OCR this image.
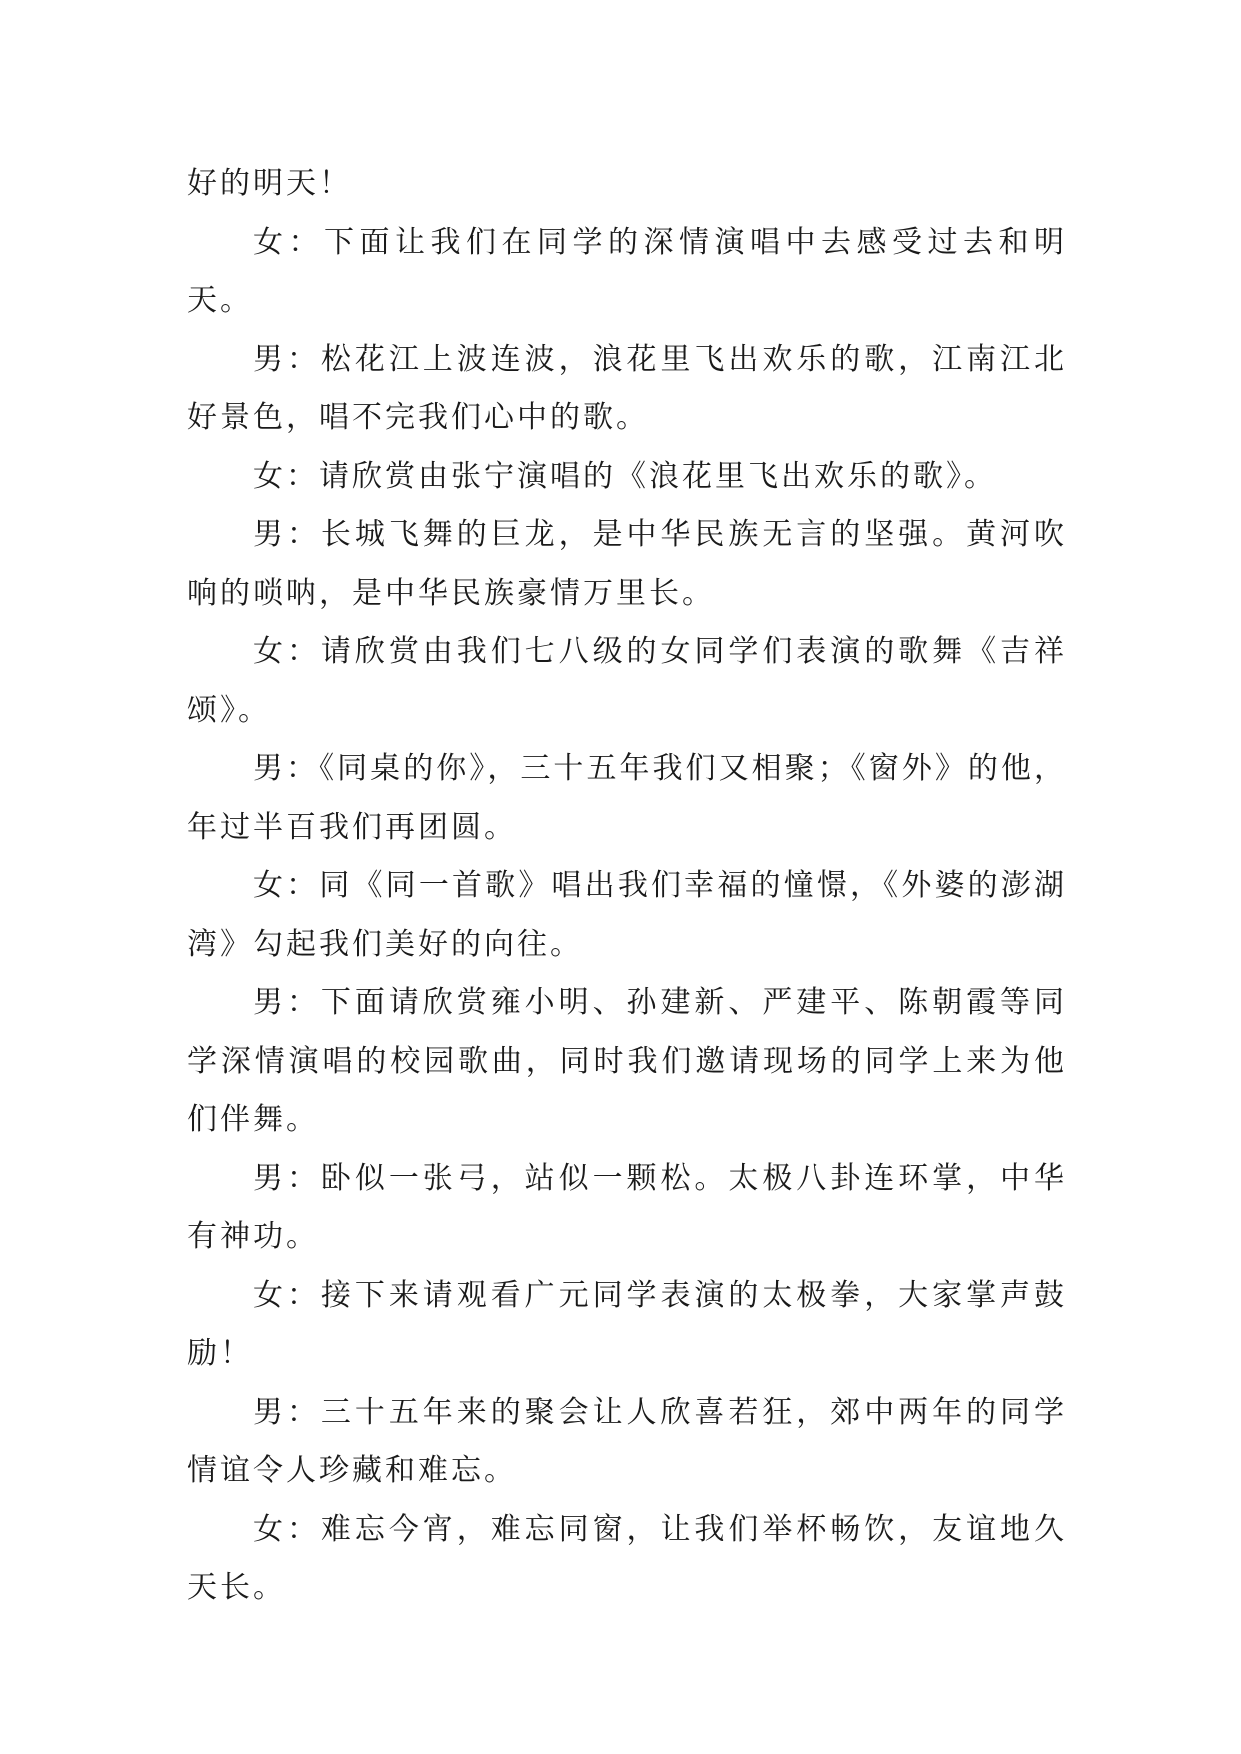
好的明天！

女：下面让我们在同学的深情演唱中去感受过去和明天。

男：松花江上波连波，浪花里飞出欢乐的歌，江南江北好景色，唱不完我们心中的歌。

女：请欣赏由张宁演唱的《浪花里飞出欢乐的歌》。

男：长城飞舞的巨龙，是中华民族无言的坚强。黄河吹响的唢呐，是中华民族豪情万里长。

女：请欣赏由我们七八级的女同学们表演的歌舞《吉祥颂》。

男：《同桌的你》，三十五年我们又相聚；《窗外》的他，年过半百我们再团圆。

女：同《同一首歌》唱出我们幸福的憧憬，《外婆的澎湖湾》勾起我们美好的向往。

男：下面请欣赏雍小明、孙建新、严建平、陈朝霞等同学深情演唱的校园歌曲，同时我们邀请现场的同学上来为他们伴舞。

男：卧似一张弓，站似一颗松。太极八卦连环掌，中华有神功。

女：接下来请观看广元同学表演的太极拳，大家掌声鼓励！

男：三十五年来的聚会让人欣喜若狂，郊中两年的同学情谊令人珍藏和难忘。

女：难忘今宵，难忘同窗，让我们举杯畅饮，友谊地久天长。
